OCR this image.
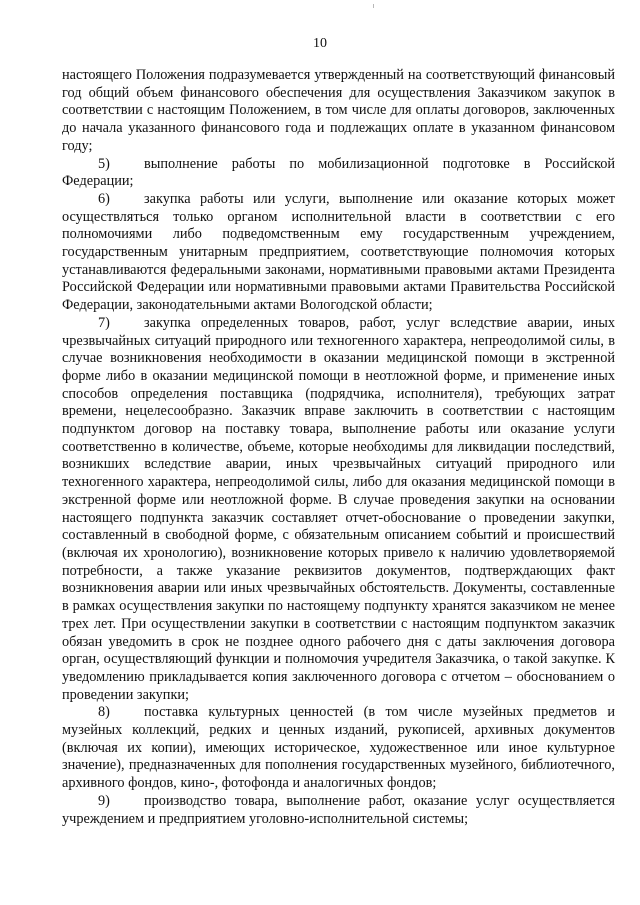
10

настоящего Положения подразумевается утвержденный на соответствующий финансовый год общий объем финансового обеспечения для осуществления Заказчиком закупок в соответствии с настоящим Положением, в том числе для оплаты договоров, заключенных до начала указанного финансового года и подлежащих оплате в указанном финансовом году;

5) выполнение работы по мобилизационной подготовке в Российской Федерации;

6) закупка работы или услуги, выполнение или оказание которых может осуществляться только органом исполнительной власти в соответствии с его полномочиями либо подведомственным ему государственным учреждением, государственным унитарным предприятием, соответствующие полномочия которых устанавливаются федеральными законами, нормативными правовыми актами Президента Российской Федерации или нормативными правовыми актами Правительства Российской Федерации, законодательными актами Вологодской области;

7) закупка определенных товаров, работ, услуг вследствие аварии, иных чрезвычайных ситуаций природного или техногенного характера, непреодолимой силы, в случае возникновения необходимости в оказании медицинской помощи в экстренной форме либо в оказании медицинской помощи в неотложной форме, и применение иных способов определения поставщика (подрядчика, исполнителя), требующих затрат времени, нецелесообразно. Заказчик вправе заключить в соответствии с настоящим подпунктом договор на поставку товара, выполнение работы или оказание услуги соответственно в количестве, объеме, которые необходимы для ликвидации последствий, возникших вследствие аварии, иных чрезвычайных ситуаций природного или техногенного характера, непреодолимой силы, либо для оказания медицинской помощи в экстренной форме или неотложной форме. В случае проведения закупки на основании настоящего подпункта заказчик составляет отчет-обоснование о проведении закупки, составленный в свободной форме, с обязательным описанием событий и происшествий (включая их хронологию), возникновение которых привело к наличию удовлетворяемой потребности, а также указание реквизитов документов, подтверждающих факт возникновения аварии или иных чрезвычайных обстоятельств. Документы, составленные в рамках осуществления закупки по настоящему подпункту хранятся заказчиком не менее трех лет. При осуществлении закупки в соответствии с настоящим подпунктом заказчик обязан уведомить в срок не позднее одного рабочего дня с даты заключения договора орган, осуществляющий функции и полномочия учредителя Заказчика, о такой закупке. К уведомлению прикладывается копия заключенного договора с отчетом – обоснованием о проведении закупки;

8) поставка культурных ценностей (в том числе музейных предметов и музейных коллекций, редких и ценных изданий, рукописей, архивных документов (включая их копии), имеющих историческое, художественное или иное культурное значение), предназначенных для пополнения государственных музейного, библиотечного, архивного фондов, кино-, фотофонда и аналогичных фондов;

9) производство товара, выполнение работ, оказание услуг осуществляется учреждением и предприятием уголовно-исполнительной системы;
